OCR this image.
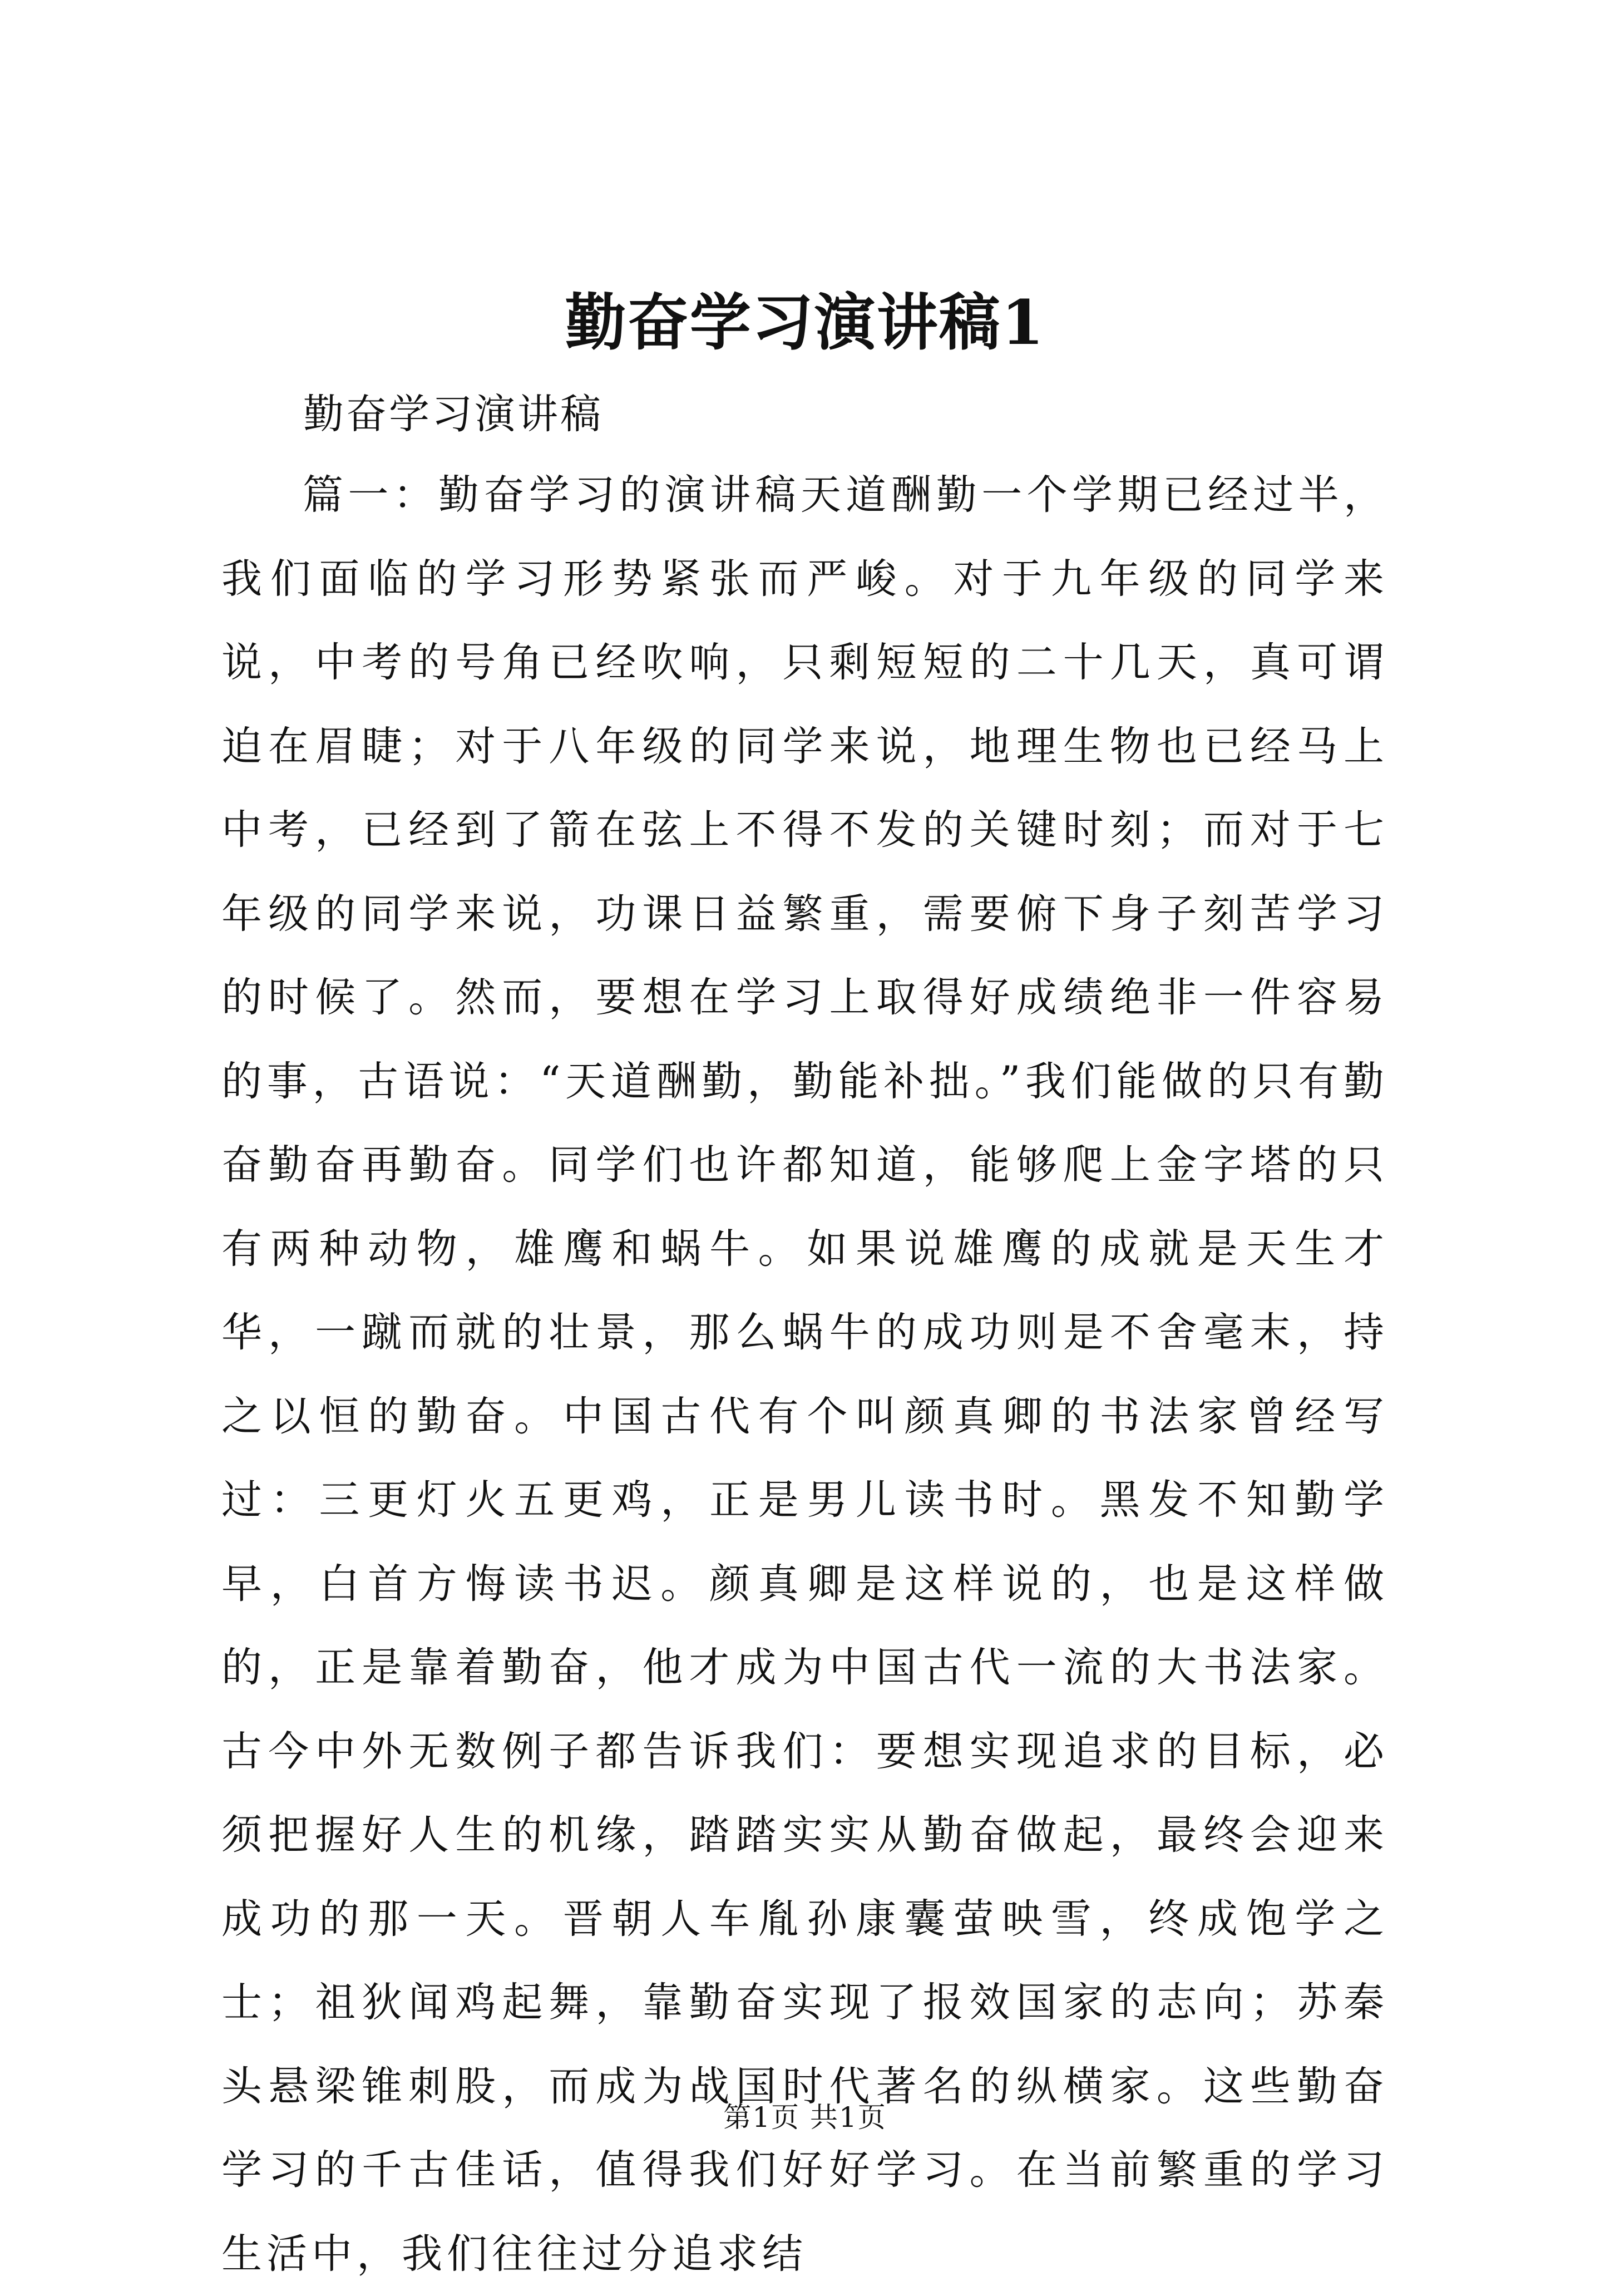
勤奋学习演讲稿1
勤奋学习演讲稿

篇一：勤奋学习的演讲稿天道酬勤一个学期已经过半，我们面临的学习形势紧张而严峻。对于九年级的同学来说，中考的号角已经吹响，只剩短短的二十几天，真可谓迫在眉睫；对于八年级的同学来说，地理生物也已经马上中考，已经到了箭在弦上不得不发的关键时刻；而对于七年级的同学来说，功课日益繁重，需要俯下身子刻苦学习的时候了。然而，要想在学习上取得好成绩绝非一件容易的事，古语说：“天道酬勤，勤能补拙。”我们能做的只有勤奋勤奋再勤奋。同学们也许都知道，能够爬上金字塔的只有两种动物，雄鹰和蜗牛。如果说雄鹰的成就是天生才华，一蹴而就的壮景，那么蜗牛的成功则是不舍毫末，持之以恒的勤奋。中国古代有个叫颜真卿的书法家曾经写过：三更灯火五更鸡，正是男儿读书时。黑发不知勤学早，白首方悔读书迟。颜真卿是这样说的，也是这样做的，正是靠着勤奋，他才成为中国古代一流的大书法家。古今中外无数例子都告诉我们：要想实现追求的目标，必须把握好人生的机缘，踏踏实实从勤奋做起，最终会迎来成功的那一天。晋朝人车胤孙康囊萤映雪，终成饱学之士；祖狄闻鸡起舞，靠勤奋实现了报效国家的志向；苏秦头悬梁锥刺股，而成为战国时代著名的纵横家。这些勤奋学习的千古佳话，值得我们好好学习。在当前繁重的学习生活中，我们往往过分追求结

第1页 共1页
